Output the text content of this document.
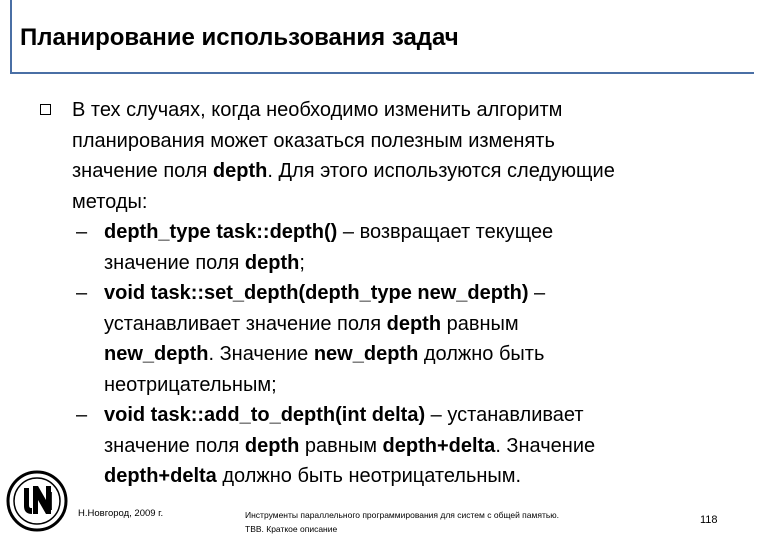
Планирование использования задач
В тех случаях, когда необходимо изменить алгоритм
планирования может оказаться полезным изменять
значение поля depth. Для этого используются следующие
методы:
– depth_type task::depth() – возвращает текущее
значение поля depth;
– void task::set_depth(depth_type new_depth) –
устанавливает значение поля depth равным
new_depth. Значение new_depth должно быть
неотрицательным;
– void task::add_to_depth(int delta) – устанавливает
значение поля depth равным depth+delta. Значение
depth+delta должно быть неотрицательным.
Н.Новгород, 2009 г.	Инструменты параллельного программирования для систем с общей памятью.
TBB. Краткое описание
118
